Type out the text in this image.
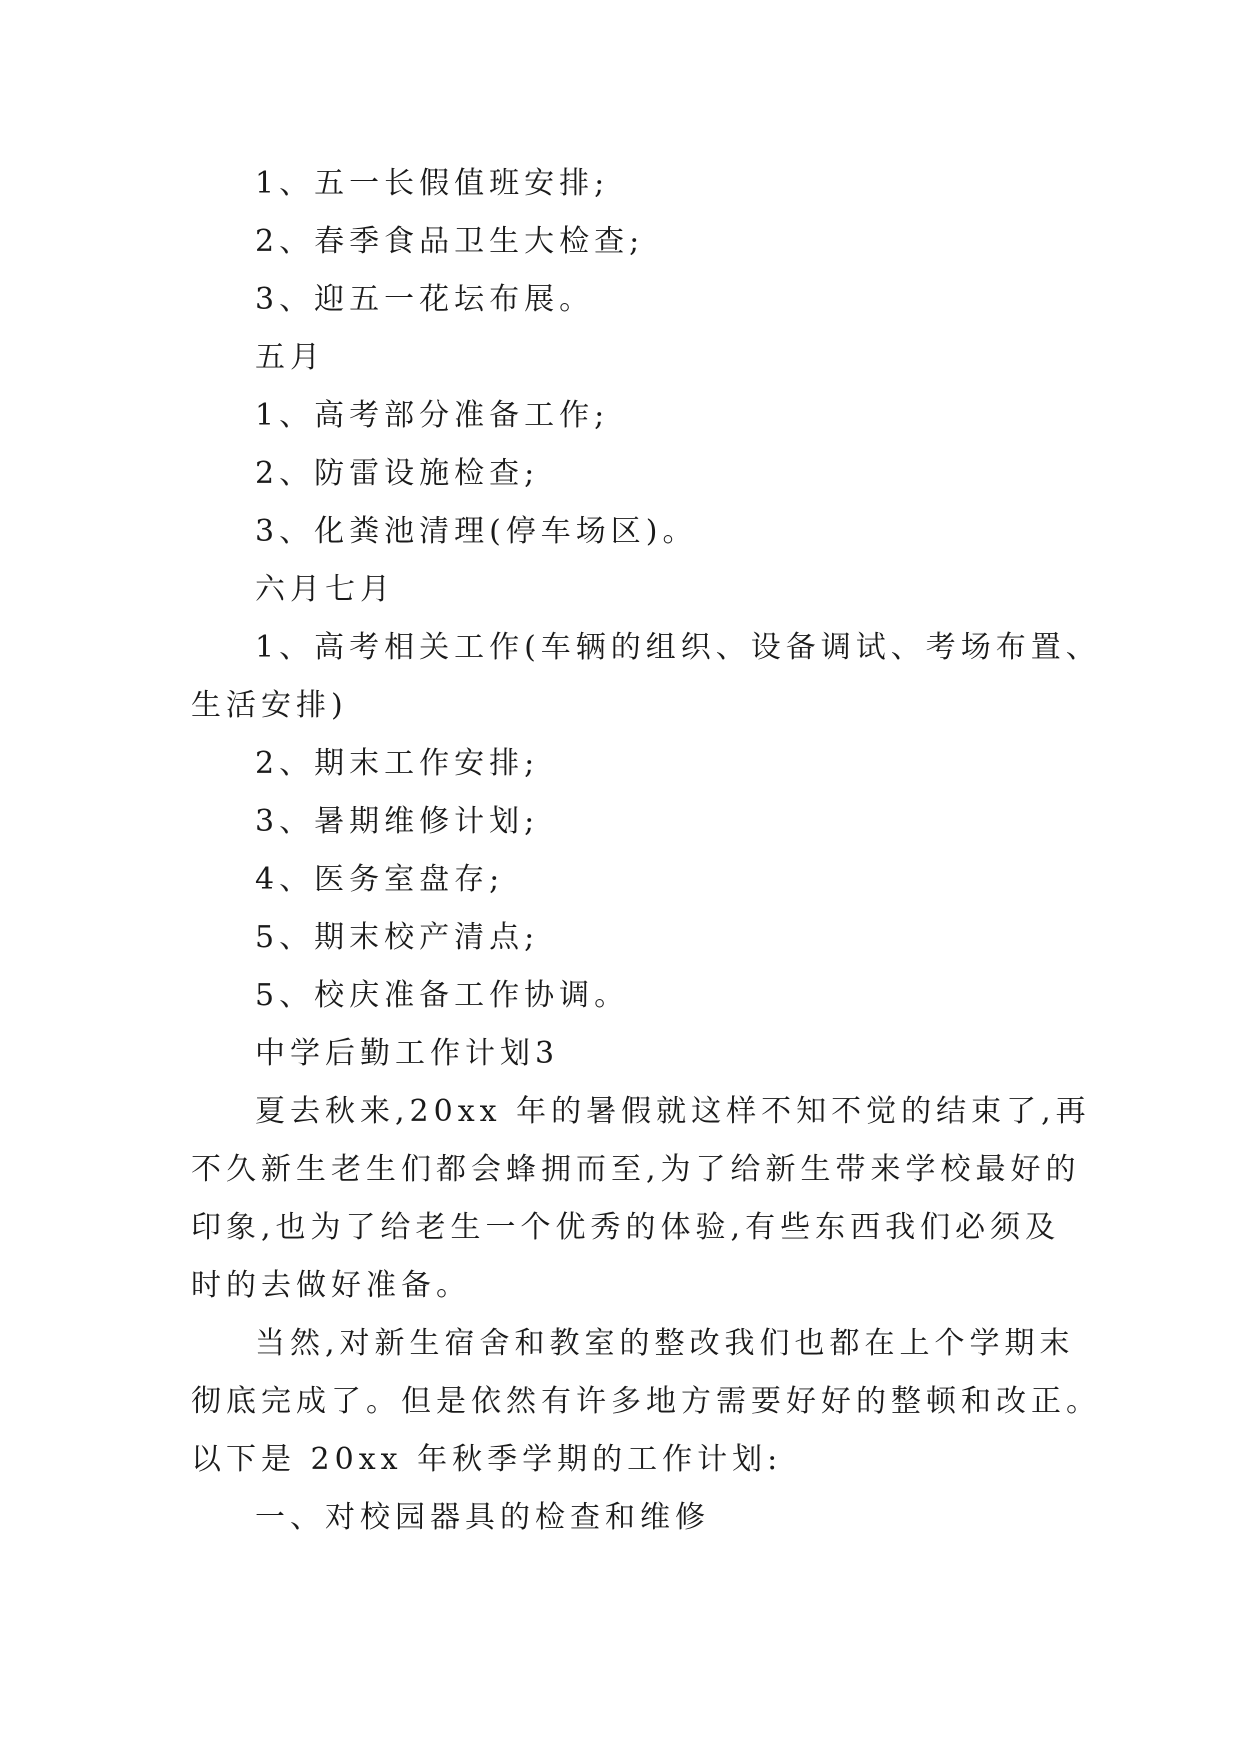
1、五一长假值班安排;
2、春季食品卫生大检查;
3、迎五一花坛布展。
五月
1、高考部分准备工作;
2、防雷设施检查;
3、化粪池清理(停车场区)。
六月七月
1、高考相关工作(车辆的组织、设备调试、考场布置、
生活安排)
2、期末工作安排;
3、暑期维修计划;
4、医务室盘存;
5、期末校产清点;
5、校庆准备工作协调。
中学后勤工作计划3
夏去秋来,20xx 年的暑假就这样不知不觉的结束了,再
不久新生老生们都会蜂拥而至,为了给新生带来学校最好的
印象,也为了给老生一个优秀的体验,有些东西我们必须及
时的去做好准备。
当然,对新生宿舍和教室的整改我们也都在上个学期末
彻底完成了。但是依然有许多地方需要好好的整顿和改正。
以下是 20xx 年秋季学期的工作计划:
一、对校园器具的检查和维修
